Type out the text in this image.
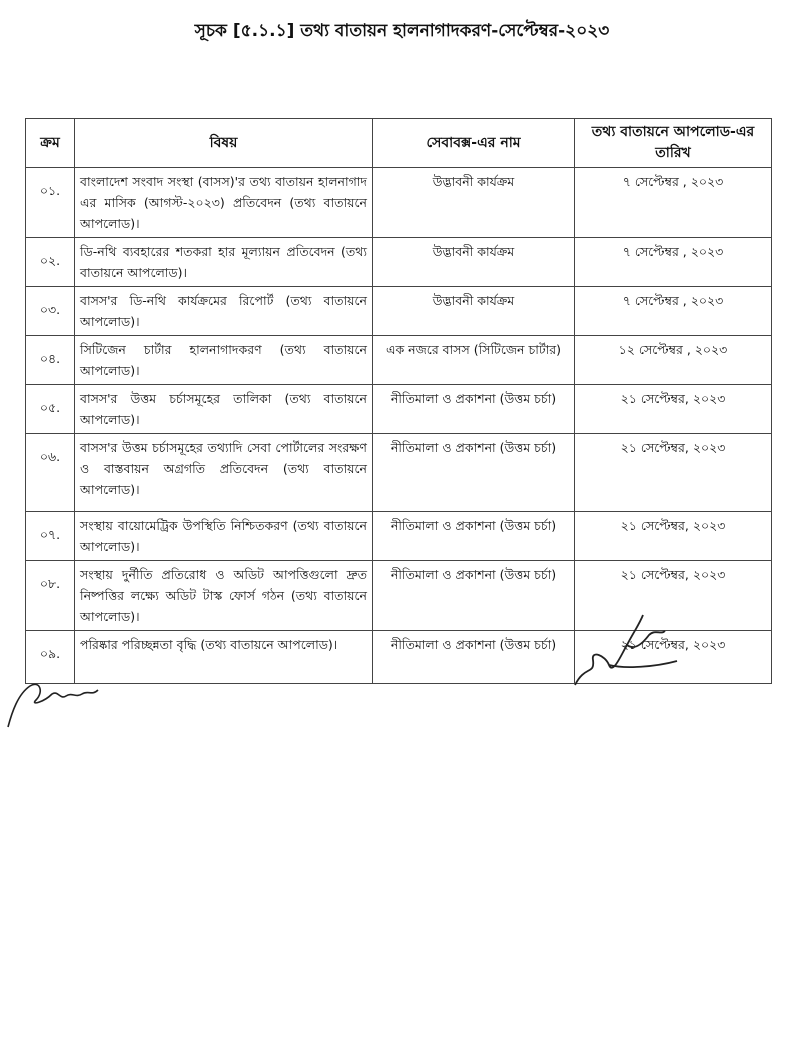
সূচক [৫.১.১] তথ্য বাতায়ন হালনাগাদকরণ-সেপ্টেম্বর-২০২৩
ক্রম	বিষয়	সেবাবক্স-এর নাম	তথ্য বাতায়নে আপলোড-এর তারিখ
০১.	বাংলাদেশ সংবাদ সংস্থা (বাসস)'র তথ্য বাতায়ন হালনাগাদ এর মাসিক (আগস্ট-২০২৩) প্রতিবেদন (তথ্য বাতায়নে আপলোড)।	উদ্ভাবনী কার্যক্রম	৭ সেপ্টেম্বর , ২০২৩
০২.	ডি-নথি ব্যবহারের শতকরা হার মূল্যায়ন প্রতিবেদন (তথ্য বাতায়নে আপলোড)।	উদ্ভাবনী কার্যক্রম	৭ সেপ্টেম্বর , ২০২৩
০৩.	বাসস'র ডি-নথি কার্যক্রমের রিপোর্ট (তথ্য বাতায়নে আপলোড)।	উদ্ভাবনী কার্যক্রম	৭ সেপ্টেম্বর , ২০২৩
০৪.	সিটিজেন চার্টার হালনাগাদকরণ (তথ্য বাতায়নে আপলোড)।	এক নজরে বাসস (সিটিজেন চার্টার)	১২ সেপ্টেম্বর , ২০২৩
০৫.	বাসস'র উত্তম চর্চাসমূহের তালিকা (তথ্য বাতায়নে আপলোড)।	নীতিমালা ও প্রকাশনা (উত্তম চর্চা)	২১ সেপ্টেম্বর, ২০২৩
০৬.	বাসস'র উত্তম চর্চাসমূহের তথ্যাদি সেবা পোর্টালের সংরক্ষণ ও বাস্তবায়ন অগ্রগতি প্রতিবেদন (তথ্য বাতায়নে আপলোড)।	নীতিমালা ও প্রকাশনা (উত্তম চর্চা)	২১ সেপ্টেম্বর, ২০২৩
০৭.	সংস্থায় বায়োমেট্রিক উপস্থিতি নিশ্চিতকরণ (তথ্য বাতায়নে আপলোড)।	নীতিমালা ও প্রকাশনা (উত্তম চর্চা)	২১ সেপ্টেম্বর, ২০২৩
০৮.	সংস্থায় দুর্নীতি প্রতিরোধ ও অডিট আপত্তিগুলো দ্রুত নিষ্পত্তির লক্ষ্যে অডিট টাস্ক ফোর্স গঠন (তথ্য বাতায়নে আপলোড)।	নীতিমালা ও প্রকাশনা (উত্তম চর্চা)	২১ সেপ্টেম্বর, ২০২৩
০৯.	পরিষ্কার পরিচ্ছন্নতা বৃদ্ধি (তথ্য বাতায়নে আপলোড)।	নীতিমালা ও প্রকাশনা (উত্তম চর্চা)	২১ সেপ্টেম্বর, ২০২৩
